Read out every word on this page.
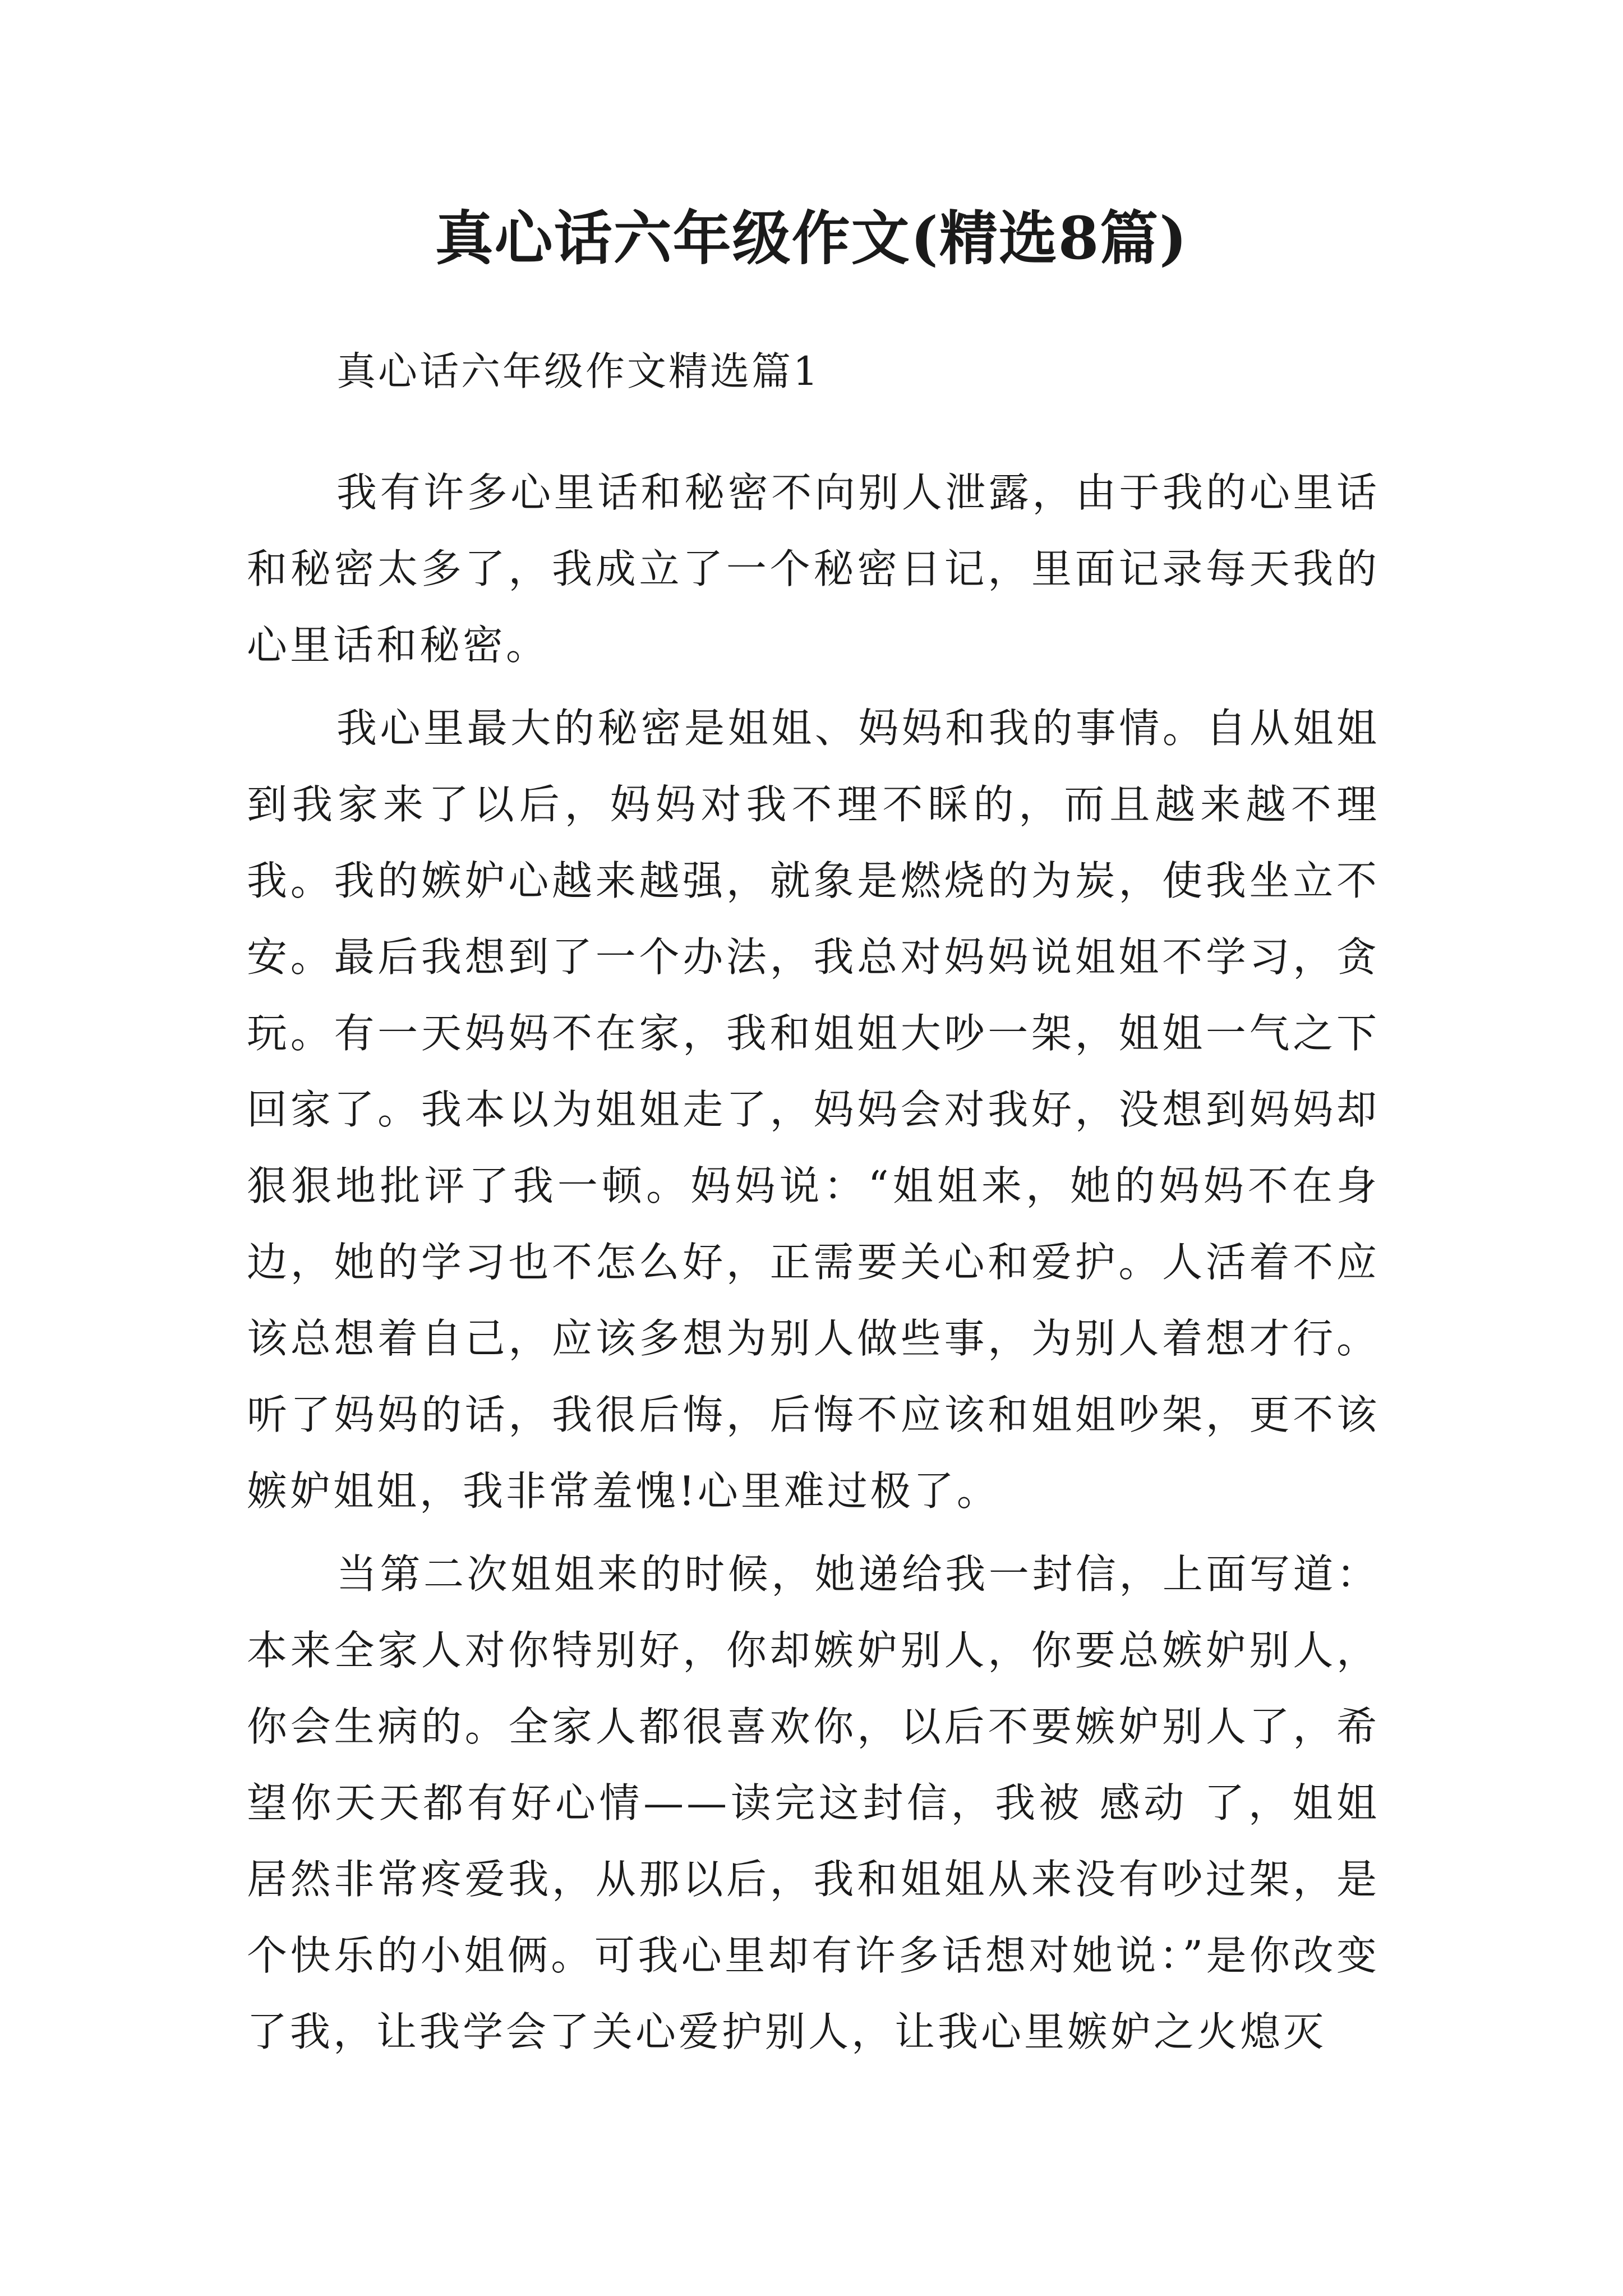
真心话六年级作文(精选8篇)

真心话六年级作文精选篇1

我有许多心里话和秘密不向别人泄露，由于我的心里话和秘密太多了，我成立了一个秘密日记，里面记录每天我的心里话和秘密。

我心里最大的秘密是姐姐、妈妈和我的事情。自从姐姐到我家来了以后，妈妈对我不理不睬的，而且越来越不理我。我的嫉妒心越来越强，就象是燃烧的为炭，使我坐立不安。最后我想到了一个办法，我总对妈妈说姐姐不学习，贪玩。有一天妈妈不在家，我和姐姐大吵一架，姐姐一气之下回家了。我本以为姐姐走了，妈妈会对我好，没想到妈妈却狠狠地批评了我一顿。妈妈说：“姐姐来，她的妈妈不在身边，她的学习也不怎么好，正需要关心和爱护。人活着不应该总想着自己，应该多想为别人做些事，为别人着想才行。听了妈妈的话，我很后悔，后悔不应该和姐姐吵架，更不该嫉妒姐姐，我非常羞愧!心里难过极了。

当第二次姐姐来的时候，她递给我一封信，上面写道：本来全家人对你特别好，你却嫉妒别人，你要总嫉妒别人，你会生病的。全家人都很喜欢你，以后不要嫉妒别人了，希望你天天都有好心情——读完这封信，我被 感动 了，姐姐居然非常疼爱我，从那以后，我和姐姐从来没有吵过架，是个快乐的小姐俩。可我心里却有许多话想对她说：”是你改变了我，让我学会了关心爱护别人，让我心里嫉妒之火熄灭
